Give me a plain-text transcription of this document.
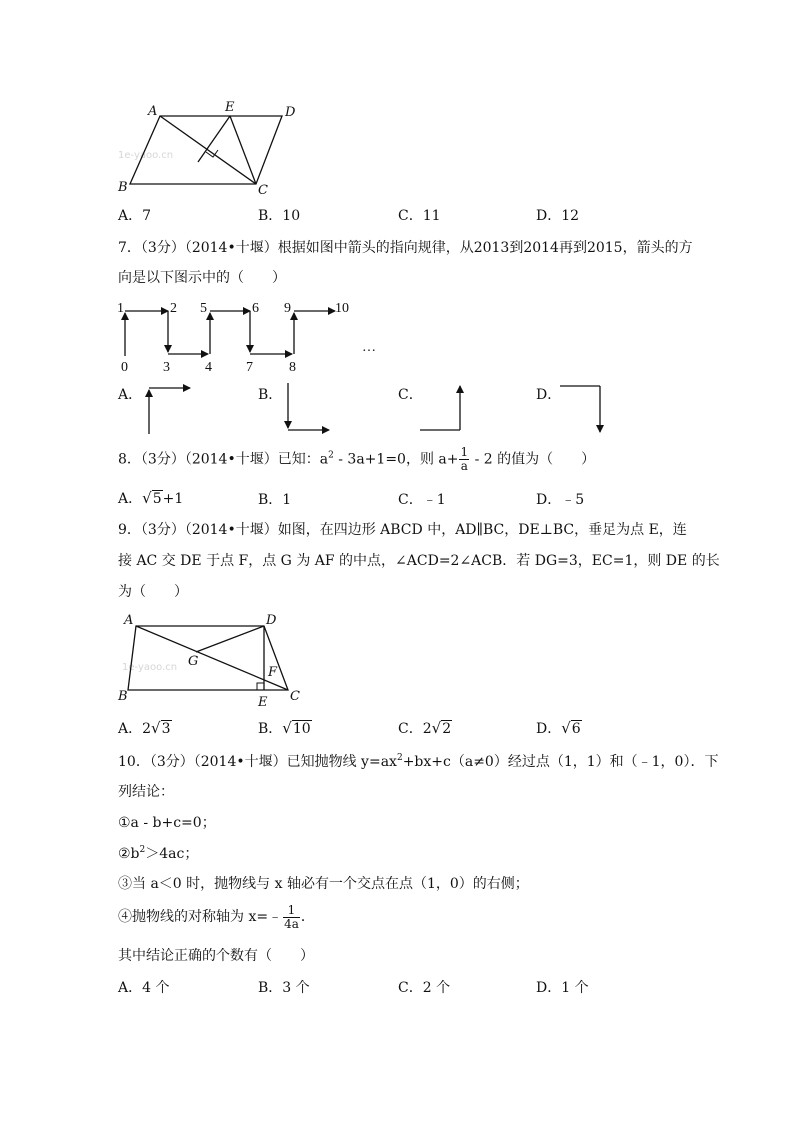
1e-yaoo.cn
A	E	D
B	C
A．7	B．10	C．11	D．12
7．（3分）（2014•十堰）根据如图中箭头的指向规律，从2013到2014再到2015，箭头的方
向是以下图示中的（　　）
1	2 5	6 9	10
0	3	4 7	8
…
A．	B．	C．	D．
8．（3分）（2014•十堰）已知：$a^2 - 3a+1=0$，则 $a+ \frac{1}{a} - 2$ 的值为（　　）
A．√5+1	B．1	C．﹣1	D．﹣5
9．（3分）（2014•十堰）如图，在四边形 ABCD 中，AD∥BC，DE⊥BC，垂足为点 E，连
接 AC 交 DE 于点 F，点 G 为 AF 的中点，∠ACD=2∠ACB．若 DG=3，EC=1，则 DE 的长
为（　　）
1e-yaoo.cn
A	D
G
F
B	E C
A．2√3	B．√10	C．2√2	D．√6
10．（3分）（2014•十堰）已知抛物线 $y=ax^2+bx+c(a\ne 0)$经过点（1，1）和（﹣1，0）．下
列结论：
①a - b+c=0；
$②b^2>4ac$；
③当 a＜0 时，抛物线与 x 轴必有一个交点在点（1，0）的右侧；
④抛物线的对称轴为 x=﹣ $\frac{1}{4a}$ ．
其中结论正确的个数有（　　）
A．4 个	B．3 个	C．2 个	D．1 个
